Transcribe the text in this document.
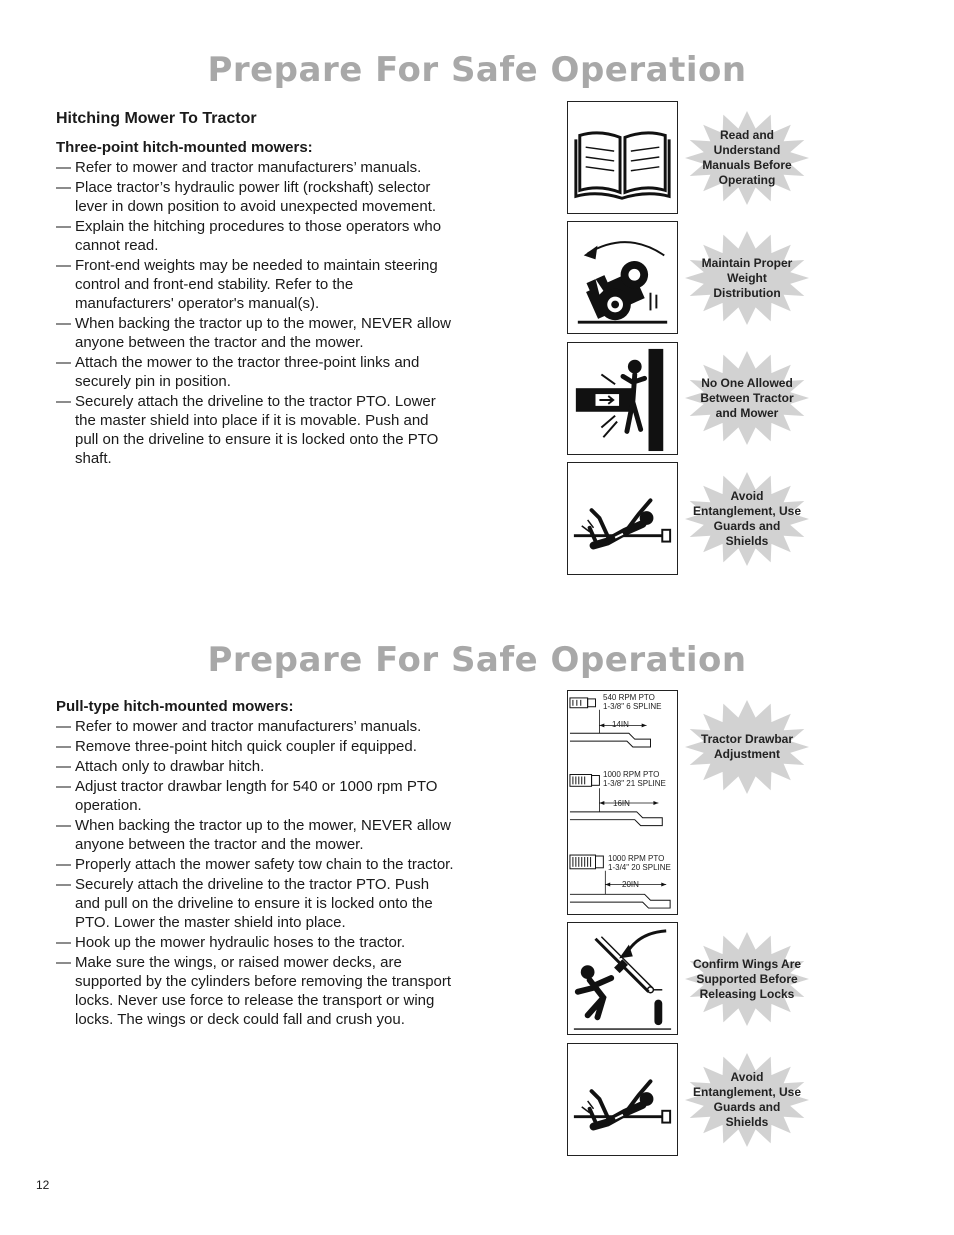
Prepare For Safe Operation
Hitching Mower To Tractor
Three-point hitch-mounted mowers:
— Refer to mower and tractor manufacturers’ manuals.
— Place tractor’s hydraulic power lift (rockshaft) selector lever in down position to avoid unexpected movement.
— Explain the hitching procedures to those operators who cannot read.
— Front-end weights may be needed to maintain steering control and front-end stability. Refer to the manufacturers' operator's manual(s).
— When backing the tractor up to the mower, NEVER allow anyone between the tractor and the mower.
— Attach the mower to the tractor three-point links and securely pin in position.
— Securely attach the driveline to the tractor PTO. Lower the master shield into place if it is movable. Push and pull on the driveline to ensure it is locked onto the PTO shaft.
Read and Understand Manuals Before Operating
Maintain Proper Weight Distribution
No One Allowed Between Tractor and Mower
Avoid Entanglement, Use Guards and Shields
Prepare For Safe Operation
Pull-type hitch-mounted mowers:
— Refer to mower and tractor manufacturers’ manuals.
— Remove three-point hitch quick coupler if equipped.
— Attach only to drawbar hitch.
— Adjust tractor drawbar length for 540 or 1000 rpm PTO operation.
— When backing the tractor up to the mower, NEVER allow anyone between the tractor and the mower.
— Properly attach the mower safety tow chain to the tractor.
— Securely attach the driveline to the tractor PTO. Push and pull on the driveline to ensure it is locked onto the PTO. Lower the master shield into place.
— Hook up the mower hydraulic hoses to the tractor.
— Make sure the wings, or raised mower decks, are supported by the cylinders before removing the transport locks. Never use force to release the transport or wing locks. The wings or deck could fall and crush you.
540 RPM PTO
1-3/8" 6 SPLINE
14IN
1000 RPM PTO
1-3/8" 21 SPLINE
16IN
1000 RPM PTO
1-3/4" 20 SPLINE
20IN
Tractor Drawbar Adjustment
Confirm Wings Are Supported Before Releasing Locks
Avoid Entanglement, Use Guards and Shields
12
